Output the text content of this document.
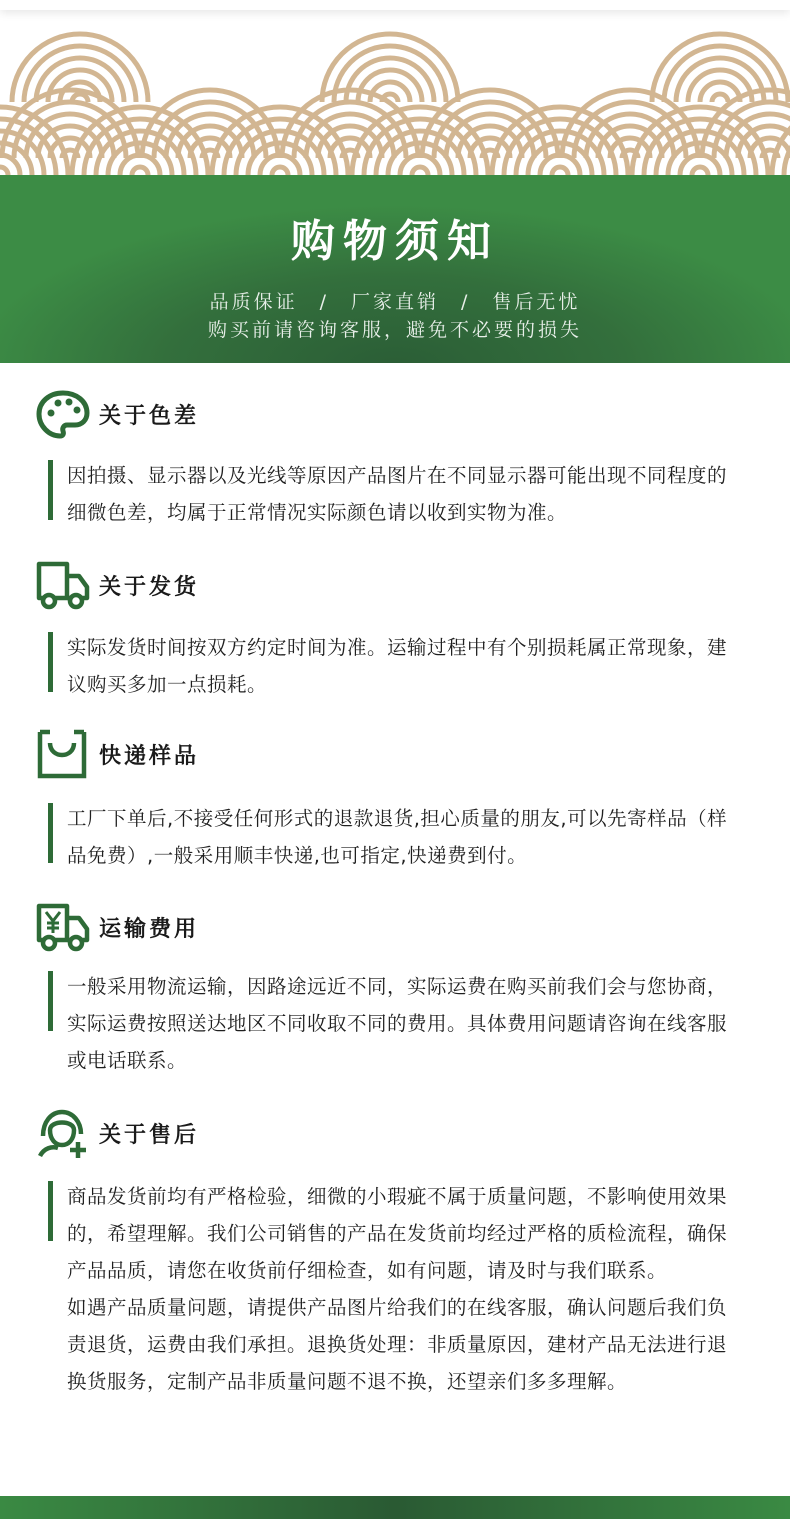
购物须知
品质保证　/　厂家直销　/　售后无忧
购买前请咨询客服，避免不必要的损失
关于色差
因拍摄、显示器以及光线等原因产品图片在不同显示器可能出现不同程度的细微色差，均属于正常情况实际颜色请以收到实物为准。
关于发货
实际发货时间按双方约定时间为准。运输过程中有个别损耗属正常现象，建议购买多加一点损耗。
快递样品
工厂下单后,不接受任何形式的退款退货,担心质量的朋友,可以先寄样品（样品免费）,一般采用顺丰快递,也可指定,快递费到付。
运输费用
一般采用物流运输，因路途远近不同，实际运费在购买前我们会与您协商，实际运费按照送达地区不同收取不同的费用。具体费用问题请咨询在线客服或电话联系。
关于售后
商品发货前均有严格检验，细微的小瑕疵不属于质量问题，不影响使用效果的，希望理解。我们公司销售的产品在发货前均经过严格的质检流程，确保产品品质，请您在收货前仔细检查，如有问题，请及时与我们联系。
如遇产品质量问题，请提供产品图片给我们的在线客服，确认问题后我们负责退货，运费由我们承担。退换货处理：非质量原因，建材产品无法进行退换货服务，定制产品非质量问题不退不换，还望亲们多多理解。
